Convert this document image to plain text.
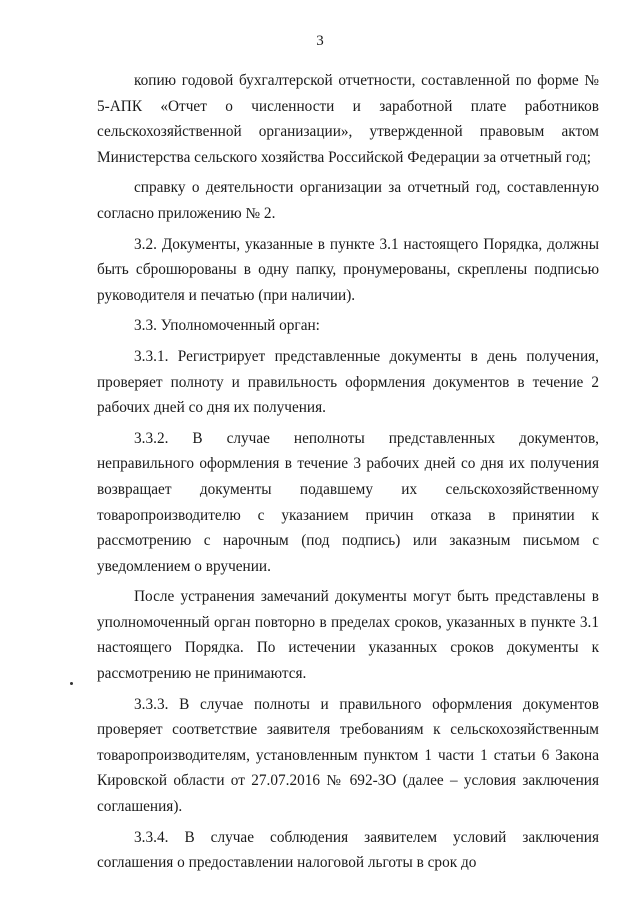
3

копию годовой бухгалтерской отчетности, составленной по форме № 5-АПК «Отчет о численности и заработной плате работников сельскохозяйственной организации», утвержденной правовым актом Министерства сельского хозяйства Российской Федерации за отчетный год;

справку о деятельности организации за отчетный год, составленную согласно приложению № 2.

3.2. Документы, указанные в пункте 3.1 настоящего Порядка, должны быть сброшюрованы в одну папку, пронумерованы, скреплены подписью руководителя и печатью (при наличии).

3.3. Уполномоченный орган:

3.3.1. Регистрирует представленные документы в день получения, проверяет полноту и правильность оформления документов в течение 2 рабочих дней со дня их получения.

3.3.2. В случае неполноты представленных документов, неправильного оформления в течение 3 рабочих дней со дня их получения возвращает документы подавшему их сельскохозяйственному товаропроизводителю с указанием причин отказа в принятии к рассмотрению с нарочным (под подпись) или заказным письмом с уведомлением о вручении.

После устранения замечаний документы могут быть представлены в уполномоченный орган повторно в пределах сроков, указанных в пункте 3.1 настоящего Порядка. По истечении указанных сроков документы к рассмотрению не принимаются.

3.3.3. В случае полноты и правильного оформления документов проверяет соответствие заявителя требованиям к сельскохозяйственным товаропроизводителям, установленным пунктом 1 части 1 статьи 6 Закона Кировской области от 27.07.2016 № 692-ЗО (далее – условия заключения соглашения).

3.3.4. В случае соблюдения заявителем условий заключения соглашения о предоставлении налоговой льготы в срок до
